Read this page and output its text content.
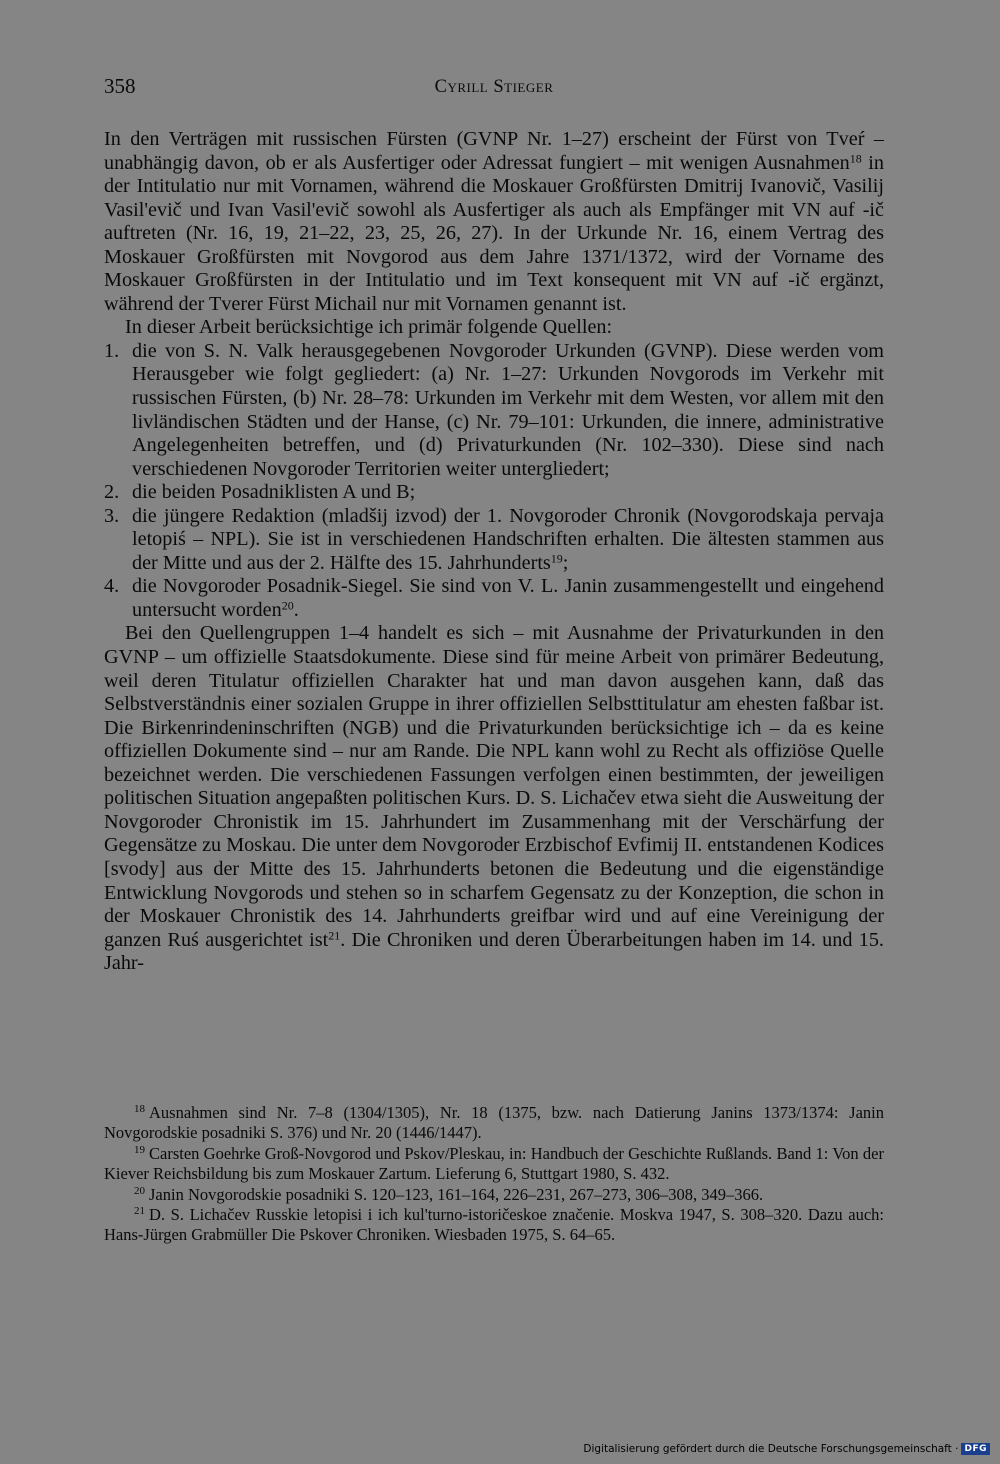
358	Cyrill Stieger

In den Verträgen mit russischen Fürsten (GVNP Nr. 1–27) erscheint der Fürst von Tveŕ – unabhängig davon, ob er als Ausfertiger oder Adressat fungiert – mit wenigen Ausnahmen$^{18}$ in der Intitulatio nur mit Vornamen, während die Moskauer Großfürsten Dmitrij Ivanovič, Vasilij Vasil'evič und Ivan Vasil'evič sowohl als Ausfertiger als auch als Empfänger mit VN auf -ič auftreten (Nr. 16, 19, 21–22, 23, 25, 26, 27). In der Urkunde Nr. 16, einem Vertrag des Moskauer Großfürsten mit Novgorod aus dem Jahre 1371/1372, wird der Vorname des Moskauer Großfürsten in der Intitulatio und im Text konsequent mit VN auf -ič ergänzt, während der Tverer Fürst Michail nur mit Vornamen genannt ist.

In dieser Arbeit berücksichtige ich primär folgende Quellen:

1. die von S. N. Valk herausgegebenen Novgoroder Urkunden (GVNP). Diese werden vom Herausgeber wie folgt gegliedert: (a) Nr. 1–27: Urkunden Novgorods im Verkehr mit russischen Fürsten, (b) Nr. 28–78: Urkunden im Verkehr mit dem Westen, vor allem mit den livländischen Städten und der Hanse, (c) Nr. 79–101: Urkunden, die innere, administrative Angelegenheiten betreffen, und (d) Privaturkunden (Nr. 102–330). Diese sind nach verschiedenen Novgoroder Territorien weiter untergliedert;
2. die beiden Posadniklisten A und B;
3. die jüngere Redaktion (mladšij izvod) der 1. Novgoroder Chronik (Novgorodskaja pervaja letopiś – NPL). Sie ist in verschiedenen Handschriften erhalten. Die ältesten stammen aus der Mitte und aus der 2. Hälfte des 15. Jahrhunderts$^{19}$;
4. die Novgoroder Posadnik-Siegel. Sie sind von V. L. Janin zusammengestellt und eingehend untersucht worden$^{20}$.

Bei den Quellengruppen 1–4 handelt es sich – mit Ausnahme der Privaturkunden in den GVNP – um offizielle Staatsdokumente. Diese sind für meine Arbeit von primärer Bedeutung, weil deren Titulatur offiziellen Charakter hat und man davon ausgehen kann, daß das Selbstverständnis einer sozialen Gruppe in ihrer offiziellen Selbsttitulatur am ehesten faßbar ist. Die Birkenrindeninschriften (NGB) und die Privaturkunden berücksichtige ich – da es keine offiziellen Dokumente sind – nur am Rande. Die NPL kann wohl zu Recht als offiziöse Quelle bezeichnet werden. Die verschiedenen Fassungen verfolgen einen bestimmten, der jeweiligen politischen Situation angepaßten politischen Kurs. D. S. Lichačev etwa sieht die Ausweitung der Novgoroder Chronistik im 15. Jahrhundert im Zusammenhang mit der Verschärfung der Gegensätze zu Moskau. Die unter dem Novgoroder Erzbischof Evfimij II. entstandenen Kodices [svody] aus der Mitte des 15. Jahrhunderts betonen die Bedeutung und die eigenständige Entwicklung Novgorods und stehen so in scharfem Gegensatz zu der Konzeption, die schon in der Moskauer Chronistik des 14. Jahrhunderts greifbar wird und auf eine Vereinigung der ganzen Ruś ausgerichtet ist$^{21}$. Die Chroniken und deren Überarbeitungen haben im 14. und 15. Jahr-

$^{18}$ Ausnahmen sind Nr. 7–8 (1304/1305), Nr. 18 (1375, bzw. nach Datierung Janins 1373/1374: Janin Novgorodskie posadniki S. 376) und Nr. 20 (1446/1447).

$^{19}$ Carsten Goehrke Groß-Novgorod und Pskov/Pleskau, in: Handbuch der Geschichte Rußlands. Band 1: Von der Kiever Reichsbildung bis zum Moskauer Zartum. Lieferung 6, Stuttgart 1980, S. 432.

$^{20}$ Janin Novgorodskie posadniki S. 120–123, 161–164, 226–231, 267–273, 306–308, 349–366.

$^{21}$ D. S. Lichačev Russkie letopisi i ich kul'turno-istoričeskoe značenie. Moskva 1947, S. 308–320. Dazu auch: Hans-Jürgen Grabmüller Die Pskover Chroniken. Wiesbaden 1975, S. 64–65.

Digitalisierung gefördert durch die Deutsche Forschungsgemeinschaft · DFG
